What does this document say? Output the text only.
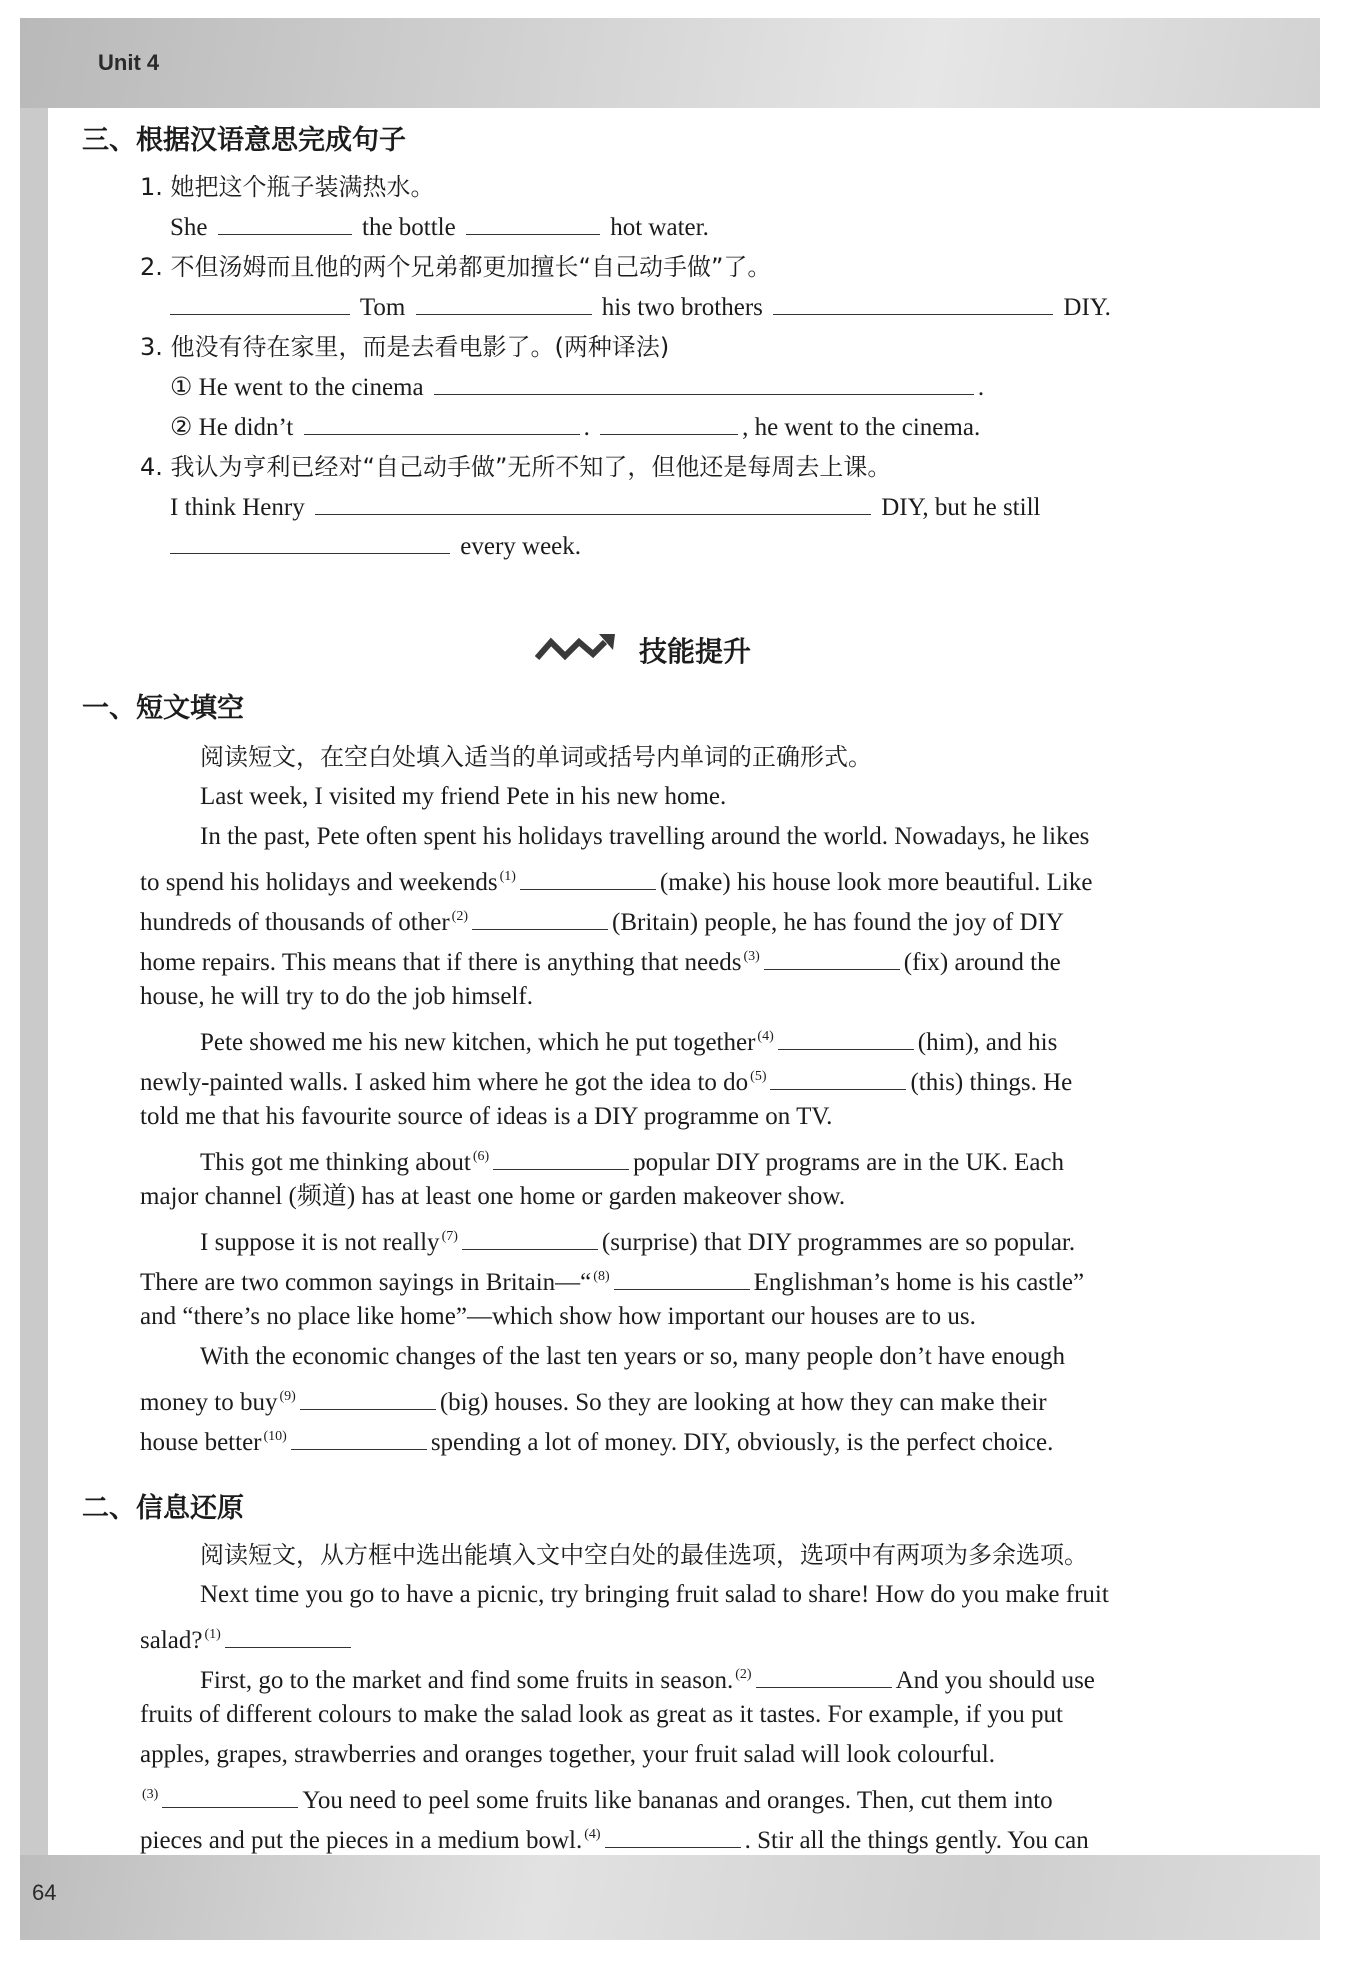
Unit 4
三、根据汉语意思完成句子
1. 她把这个瓶子装满热水。
She	the bottle	hot water.
2. 不但汤姆而且他的两个兄弟都更加擅长“自己动手做”了。
Tom	his two brothers	DIY.
3. 他没有待在家里，而是去看电影了。(两种译法)
① He went to the cinema	.
② He didn’t	.	, he went to the cinema.
4. 我认为亨利已经对“自己动手做”无所不知了，但他还是每周去上课。
I think Henry	DIY, but he still
every week.
技能提升
一、短文填空
阅读短文，在空白处填入适当的单词或括号内单词的正确形式。
Last week, I visited my friend Pete in his new home.
In the past, Pete often spent his holidays travelling around the world. Nowadays, he likes
to spend his holidays and weekends $^{(1)}$	(make) his house look more beautiful. Like
hundreds of thousands of other $^{(2)}$	(Britain) people, he has found the joy of DIY
home repairs. This means that if there is anything that needs $^{(3)}$	(fix) around the
house, he will try to do the job himself.
Pete showed me his new kitchen, which he put together $^{(4)}$	(him), and his
newly-painted walls. I asked him where he got the idea to do $^{(5)}$	(this) things. He
told me that his favourite source of ideas is a DIY programme on TV.
This got me thinking about $^{(6)}$	popular DIY programs are in the UK. Each
major channel (频道) has at least one home or garden makeover show.
I suppose it is not really $^{(7)}$	(surprise) that DIY programmes are so popular.
There are two common sayings in Britain—“ $^{(8)}$	Englishman’s home is his castle”
and “there’s no place like home”—which show how important our houses are to us.
With the economic changes of the last ten years or so, many people don’t have enough
money to buy $^{(9)}$	(big) houses. So they are looking at how they can make their
house better $^{(10)}$	spending a lot of money. DIY, obviously, is the perfect choice.
二、信息还原
阅读短文，从方框中选出能填入文中空白处的最佳选项，选项中有两项为多余选项。
Next time you go to have a picnic, try bringing fruit salad to share! How do you make fruit
salad? $^{(1)}$
First, go to the market and find some fruits in season. $^{(2)}$	And you should use
fruits of different colours to make the salad look as great as it tastes. For example, if you put
apples, grapes, strawberries and oranges together, your fruit salad will look colourful.
$^{(3)}$	You need to peel some fruits like bananas and oranges. Then, cut them into
pieces and put the pieces in a medium bowl. $^{(4)}$	. Stir all the things gently. You can
64
